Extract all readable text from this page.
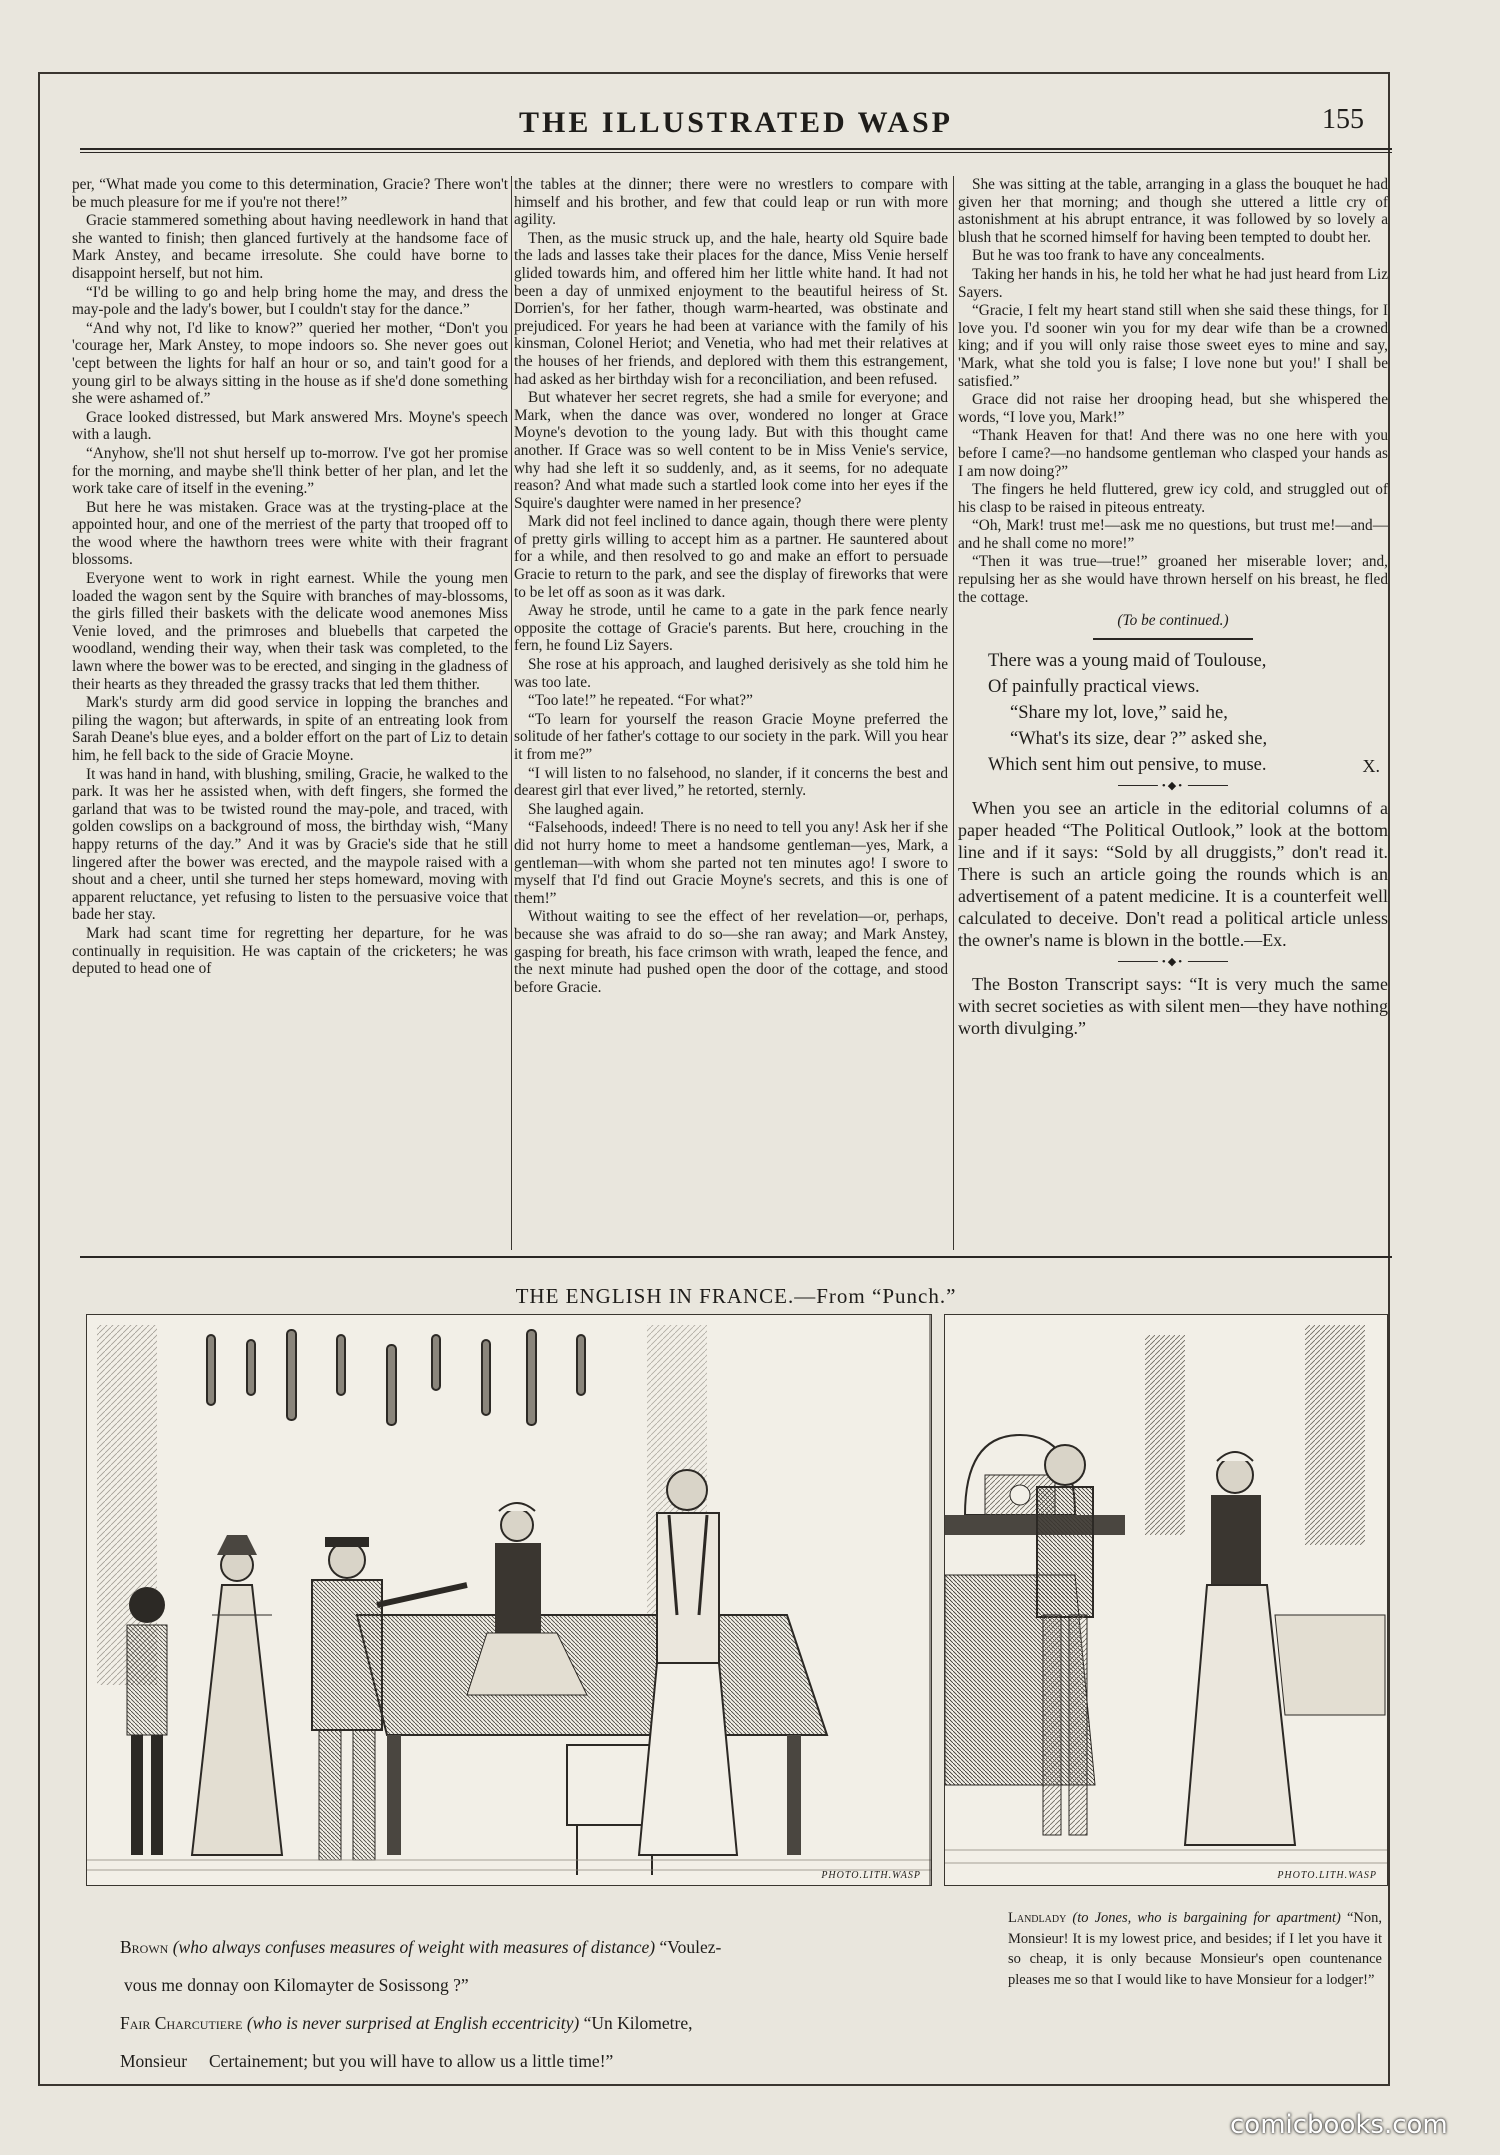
THE ILLUSTRATED WASP	155

per, “What made you come to this determination, Gracie? There won't be much pleasure for me if you're not there!”

Gracie stammered something about having needlework in hand that she wanted to finish; then glanced furtively at the handsome face of Mark Anstey, and became irresolute. She could have borne to disappoint herself, but not him.

“I'd be willing to go and help bring home the may, and dress the may-pole and the lady's bower, but I couldn't stay for the dance.”

“And why not, I'd like to know?” queried her mother, “Don't you 'courage her, Mark Anstey, to mope indoors so. She never goes out 'cept between the lights for half an hour or so, and tain't good for a young girl to be always sitting in the house as if she'd done something she were ashamed of.”

Grace looked distressed, but Mark answered Mrs. Moyne's speech with a laugh.

“Anyhow, she'll not shut herself up to-morrow. I've got her promise for the morning, and maybe she'll think better of her plan, and let the work take care of itself in the evening.”

But here he was mistaken. Grace was at the trysting-place at the appointed hour, and one of the merriest of the party that trooped off to the wood where the hawthorn trees were white with their fragrant blossoms.

Everyone went to work in right earnest. While the young men loaded the wagon sent by the Squire with branches of may-blossoms, the girls filled their baskets with the delicate wood anemones Miss Venie loved, and the primroses and bluebells that carpeted the woodland, wending their way, when their task was completed, to the lawn where the bower was to be erected, and singing in the gladness of their hearts as they threaded the grassy tracks that led them thither.

Mark's sturdy arm did good service in lopping the branches and piling the wagon; but afterwards, in spite of an entreating look from Sarah Deane's blue eyes, and a bolder effort on the part of Liz to detain him, he fell back to the side of Gracie Moyne.

It was hand in hand, with blushing, smiling, Gracie, he walked to the park. It was her he assisted when, with deft fingers, she formed the garland that was to be twisted round the may-pole, and traced, with golden cowslips on a background of moss, the birthday wish, “Many happy returns of the day.” And it was by Gracie's side that he still lingered after the bower was erected, and the maypole raised with a shout and a cheer, until she turned her steps homeward, moving with apparent reluctance, yet refusing to listen to the persuasive voice that bade her stay.

Mark had scant time for regretting her departure, for he was continually in requisition. He was captain of the cricketers; he was deputed to head one of

the tables at the dinner; there were no wrestlers to compare with himself and his brother, and few that could leap or run with more agility.

Then, as the music struck up, and the hale, hearty old Squire bade the lads and lasses take their places for the dance, Miss Venie herself glided towards him, and offered him her little white hand. It had not been a day of unmixed enjoyment to the beautiful heiress of St. Dorrien's, for her father, though warm-hearted, was obstinate and prejudiced. For years he had been at variance with the family of his kinsman, Colonel Heriot; and Venetia, who had met their relatives at the houses of her friends, and deplored with them this estrangement, had asked as her birthday wish for a reconciliation, and been refused.

But whatever her secret regrets, she had a smile for everyone; and Mark, when the dance was over, wondered no longer at Grace Moyne's devotion to the young lady. But with this thought came another. If Grace was so well content to be in Miss Venie's service, why had she left it so suddenly, and, as it seems, for no adequate reason? And what made such a startled look come into her eyes if the Squire's daughter were named in her presence?

Mark did not feel inclined to dance again, though there were plenty of pretty girls willing to accept him as a partner. He sauntered about for a while, and then resolved to go and make an effort to persuade Gracie to return to the park, and see the display of fireworks that were to be let off as soon as it was dark.

Away he strode, until he came to a gate in the park fence nearly opposite the cottage of Gracie's parents. But here, crouching in the fern, he found Liz Sayers.

She rose at his approach, and laughed derisively as she told him he was too late.

“Too late!” he repeated. “For what?”

“To learn for yourself the reason Gracie Moyne preferred the solitude of her father's cottage to our society in the park. Will you hear it from me?”

“I will listen to no falsehood, no slander, if it concerns the best and dearest girl that ever lived,” he retorted, sternly.

She laughed again.

“Falsehoods, indeed! There is no need to tell you any! Ask her if she did not hurry home to meet a handsome gentleman—yes, Mark, a gentleman—with whom she parted not ten minutes ago! I swore to myself that I'd find out Gracie Moyne's secrets, and this is one of them!”

Without waiting to see the effect of her revelation—or, perhaps, because she was afraid to do so—she ran away; and Mark Anstey, gasping for breath, his face crimson with wrath, leaped the fence, and the next minute had pushed open the door of the cottage, and stood before Gracie.

She was sitting at the table, arranging in a glass the bouquet he had given her that morning; and though she uttered a little cry of astonishment at his abrupt entrance, it was followed by so lovely a blush that he scorned himself for having been tempted to doubt her.

But he was too frank to have any concealments.

Taking her hands in his, he told her what he had just heard from Liz Sayers.

“Gracie, I felt my heart stand still when she said these things, for I love you. I'd sooner win you for my dear wife than be a crowned king; and if you will only raise those sweet eyes to mine and say, 'Mark, what she told you is false; I love none but you!' I shall be satisfied.”

Grace did not raise her drooping head, but she whispered the words, “I love you, Mark!”

“Thank Heaven for that! And there was no one here with you before I came?—no handsome gentleman who clasped your hands as I am now doing?”

The fingers he held fluttered, grew icy cold, and struggled out of his clasp to be raised in piteous entreaty.

“Oh, Mark! trust me!—ask me no questions, but trust me!—and—and he shall come no more!”

“Then it was true—true!” groaned her miserable lover; and, repulsing her as she would have thrown herself on his breast, he fled the cottage.

(To be continued.)

There was a young maid of Toulouse,
Of painfully practical views.
“Share my lot, love,” said he,
“What's its size, dear ?” asked she,
Which sent him out pensive, to muse.	X.
•◆•

When you see an article in the editorial columns of a paper headed “The Political Outlook,” look at the bottom line and if it says: “Sold by all druggists,” don't read it. There is such an article going the rounds which is an advertisement of a patent medicine. It is a counterfeit well calculated to deceive. Don't read a political article unless the owner's name is blown in the bottle.—Ex.

•◆•

The Boston Transcript says: “It is very much the same with secret societies as with silent men—they have nothing worth divulging.”

THE ENGLISH IN FRANCE.—From “Punch.”
PHOTO.LITH.WASP	PHOTO.LITH.WASP
Brown (who always confuses measures of weight with measures of distance) “Voulez-
vous me donnay oon Kilomayter de Sosissong ?”
Fair Charcutiere (who is never surprised at English eccentricity) “Un Kilometre,
Monsieur     Certainement; but you will have to allow us a little time!”
Landlady (to Jones, who is bargaining for apartment) “Non, Monsieur! It is my lowest price, and besides; if I let you have it so cheap, it is only because Monsieur's open countenance pleases me so that I would like to have Monsieur for a lodger!”
comicbooks.com
